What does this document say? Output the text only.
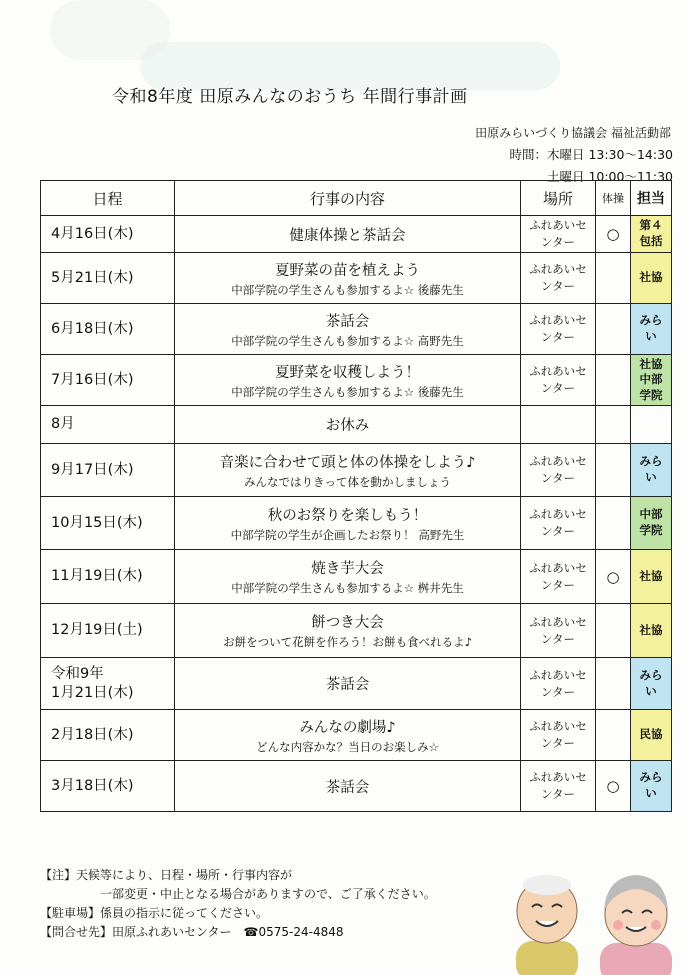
令和8年度 田原みんなのおうち 年間行事計画
田原みらいづくり協議会 福祉活動部
時間：木曜日 13:30～14:30
土曜日 10:00～11:30
日程	行事の内容	場所	体操	担当
4月16日(木)	健康体操と茶話会	ふれあいセンター	○	第４包括
5月21日(木)	夏野菜の苗を植えよう
中部学院の学生さんも参加するよ☆ 後藤先生	ふれあいセンター		社協
6月18日(木)	茶話会
中部学院の学生さんも参加するよ☆ 高野先生	ふれあいセンター		みらい
7月16日(木)	夏野菜を収穫しよう！
中部学院の学生さんも参加するよ☆ 後藤先生	ふれあいセンター		社協中部学院
8月	お休み			

9月17日(木)	音楽に合わせて頭と体の体操をしよう♪
みんなではりきって体を動かしましょう	ふれあいセンター		みらい
10月15日(木)	秋のお祭りを楽しもう！
中部学院の学生が企画したお祭り！ 高野先生	ふれあいセンター		中部学院
11月19日(木)	焼き芋大会
中部学院の学生さんも参加するよ☆ 桝井先生	ふれあいセンター	○	社協
12月19日(土)	餅つき大会
お餅をついて花餅を作ろう！お餅も食べれるよ♪	ふれあいセンター		社協
令和9年
1月21日(木)	茶話会	ふれあいセンター		みらい
2月18日(木)	みんなの劇場♪
どんな内容かな？当日のお楽しみ☆	ふれあいセンター		民協
3月18日(木)	茶話会	ふれあいセンター	○	みらい
【注】天候等により、日程・場所・行事内容が
一部変更・中止となる場合がありますので、ご了承ください。
【駐車場】係員の指示に従ってください。
【問合せ先】田原ふれあいセンター　☎0575-24-4848
